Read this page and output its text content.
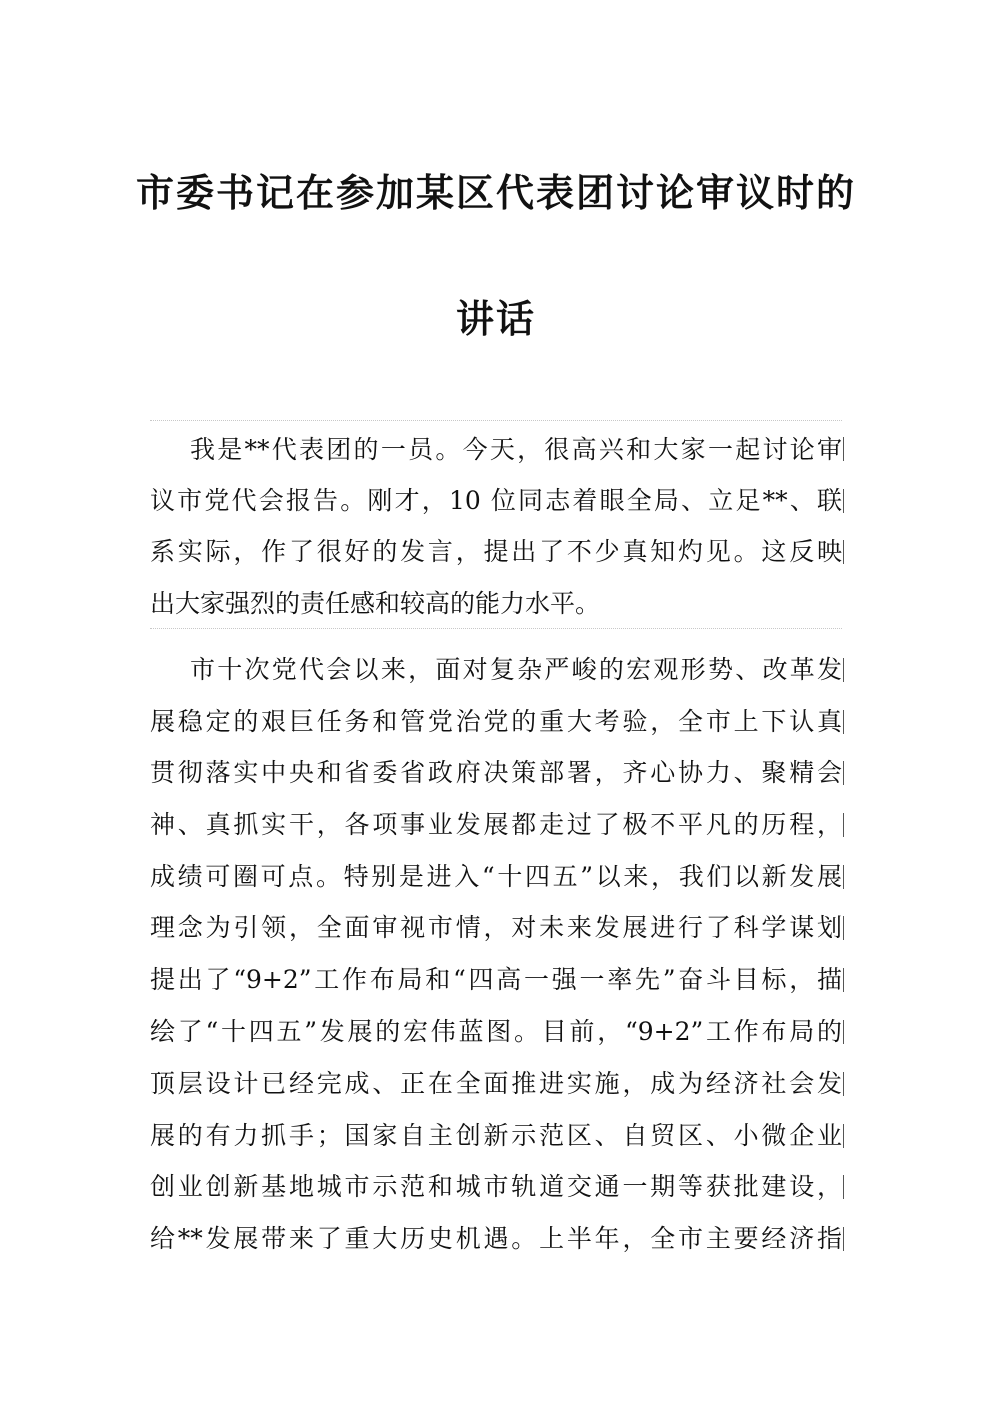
市委书记在参加某区代表团讨论审议时的
讲话
我是**代表团的一员。今天，很高兴和大家一起讨论审
议市党代会报告。刚才，10 位同志着眼全局、立足**、联
系实际，作了很好的发言，提出了不少真知灼见。这反映
出大家强烈的责任感和较高的能力水平。
市十次党代会以来，面对复杂严峻的宏观形势、改革发
展稳定的艰巨任务和管党治党的重大考验，全市上下认真
贯彻落实中央和省委省政府决策部署，齐心协力、聚精会
神、真抓实干，各项事业发展都走过了极不平凡的历程，
成绩可圈可点。特别是进入“十四五”以来，我们以新发展
理念为引领，全面审视市情，对未来发展进行了科学谋划
提出了“9+2”工作布局和“四高一强一率先”奋斗目标，描
绘了“十四五”发展的宏伟蓝图。目前，“9+2”工作布局的
顶层设计已经完成、正在全面推进实施，成为经济社会发
展的有力抓手；国家自主创新示范区、自贸区、小微企业
创业创新基地城市示范和城市轨道交通一期等获批建设，
给**发展带来了重大历史机遇。上半年，全市主要经济指
